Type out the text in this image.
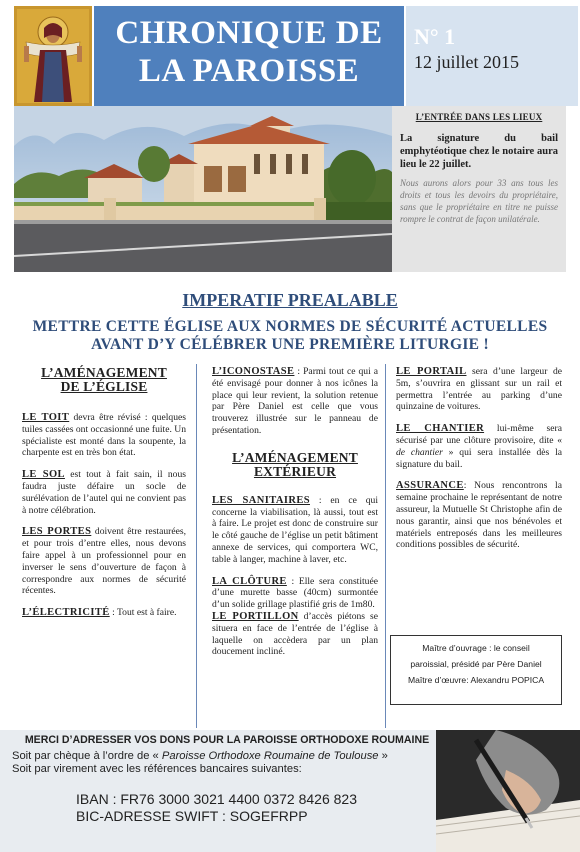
CHRONIQUE DE
LA PAROISSE
N° 1
12 juillet 2015
L’ENTRÉE DANS LES LIEUX
La signature du bail emphytéotique chez le notaire aura lieu le 22 juillet.
Nous aurons alors pour 33 ans tous les droits et tous les devoirs du propriétaire, sans que le propriétaire en titre ne puisse rompre le contrat de façon unilatérale.
IMPERATIF PREALABLE
METTRE CETTE ÉGLISE AUX NORMES DE SÉCURITÉ ACTUELLES
AVANT D’Y CÉLÉBRER UNE PREMIÈRE LITURGIE !
L’AMÉNAGEMENT
DE L’ÉGLISE

LE TOIT devra être révisé : quelques tuiles cassées ont occasionné une fuite. Un spécialiste est monté dans la soupente, la charpente est en très bon état.

LE SOL est tout à fait sain, il nous faudra juste défaire un socle de surélévation de l’autel qui ne convient pas à notre célébration.

LES PORTES doivent être restaurées, et pour trois d’entre elles, nous devons faire appel à un professionnel pour en inverser le sens d’ouverture de façon à correspondre aux normes de sécurité récentes.

L’ÉLECTRICITÉ : Tout est à faire.

L’ICONOSTASE : Parmi tout ce qui a été envisagé pour donner à nos icônes la place qui leur revient, la solution retenue par Père Daniel est celle que vous trouverez illustrée sur le panneau de présentation.

L’AMÉNAGEMENT
EXTÉRIEUR

LES SANITAIRES : en ce qui concerne la viabilisation, là aussi, tout est à faire. Le projet est donc de construire sur le côté gauche de l’église un petit bâtiment annexe de services, qui comportera WC, table à langer, machine à laver, etc.

LA CLÔTURE : Elle sera constituée d’une murette basse (40cm) surmontée d’un solide grillage plastifié gris de 1m80.

LE PORTILLON d’accès piétons se situera en face de l’entrée de l’église à laquelle on accèdera par un plan doucement incliné.

LE PORTAIL sera d’une largeur de 5m, s’ouvrira en glissant sur un rail et permettra l’entrée au parking d’une quinzaine de voitures.

LE CHANTIER lui-même sera sécurisé par une clôture provisoire, dite « de chantier » qui sera installée dès la signature du bail.

ASSURANCE: Nous rencontrons la semaine prochaine le représentant de notre assureur, la Mutuelle St Christophe afin de nous garantir, ainsi que nos bénévoles et matériels entreposés dans les meilleures conditions possibles de sécurité.

Maître d’ouvrage : le conseil
paroissial, présidé par Père Daniel
Maître d’œuvre: Alexandru POPICA
MERCI D’ADRESSER VOS DONS POUR LA PAROISSE ORTHODOXE ROUMAINE
Soit par chèque à l’ordre de « Paroisse Orthodoxe Roumaine de Toulouse »
Soit par virement avec les références bancaires suivantes:
IBAN : FR76 3000 3021 4400 0372 8426 823
BIC-ADRESSE SWIFT : SOGEFRPP
